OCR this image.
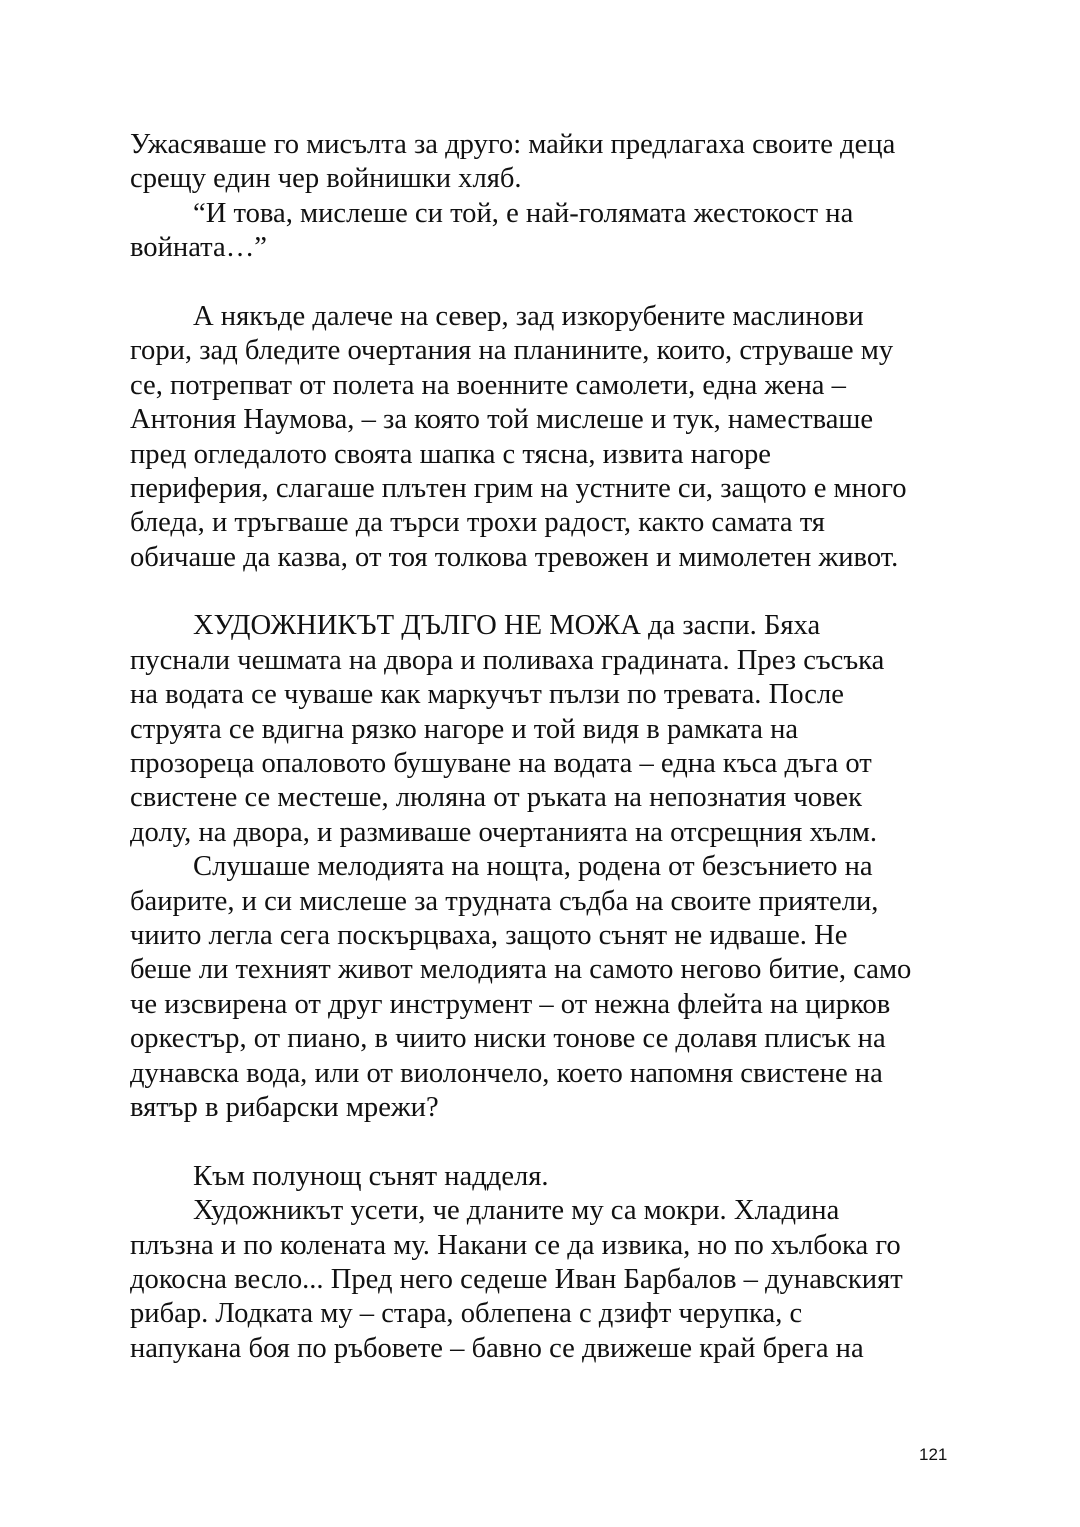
Ужасяваше го мисълта за друго: майки предлагаха своите деца
срещу един чер войнишки хляб.
“И това, мислеше си той, е най-голямата жестокост на
войната…”
А някъде далече на север, зад изкорубените маслинови
гори, зад бледите очертания на планините, които, струваше му
се, потрепват от полета на военните самолети, една жена –
Антония Наумова, – за която той мислеше и тук, наместваше
пред огледалото своята шапка с тясна, извита нагоре
периферия, слагаше плътен грим на устните си, защото е много
бледа, и тръгваше да търси трохи радост, както самата тя
обичаше да казва, от тоя толкова тревожен и мимолетен живот.
ХУДОЖНИКЪТ ДЪЛГО НЕ МОЖА да заспи. Бяха
пуснали чешмата на двора и поливаха градината. През съсъка
на водата се чуваше как маркучът пълзи по тревата. После
струята се вдигна рязко нагоре и той видя в рамката на
прозореца опаловото бушуване на водата – една къса дъга от
свистене се местеше, люляна от ръката на непознатия човек
долу, на двора, и размиваше очертанията на отсрещния хълм.
Слушаше мелодията на нощта, родена от безсънието на
баирите, и си мислеше за трудната съдба на своите приятели,
чиито легла сега поскърцваха, защото сънят не идваше. Не
беше ли техният живот мелодията на самото негово битие, само
че изсвирена от друг инструмент – от нежна флейта на цирков
оркестър, от пиано, в чиито ниски тонове се долавя плисък на
дунавска вода, или от виолончело, което напомня свистене на
вятър в рибарски мрежи?
Към полунощ сънят надделя.
Художникът усети, че дланите му са мокри. Хладина
плъзна и по колената му. Накани се да извика, но по хълбока го
докосна весло... Пред него седеше Иван Барбалов – дунавският
рибар. Лодката му – стара, облепена с дзифт черупка, с
напукана боя по ръбовете – бавно се движеше край брега на
121
